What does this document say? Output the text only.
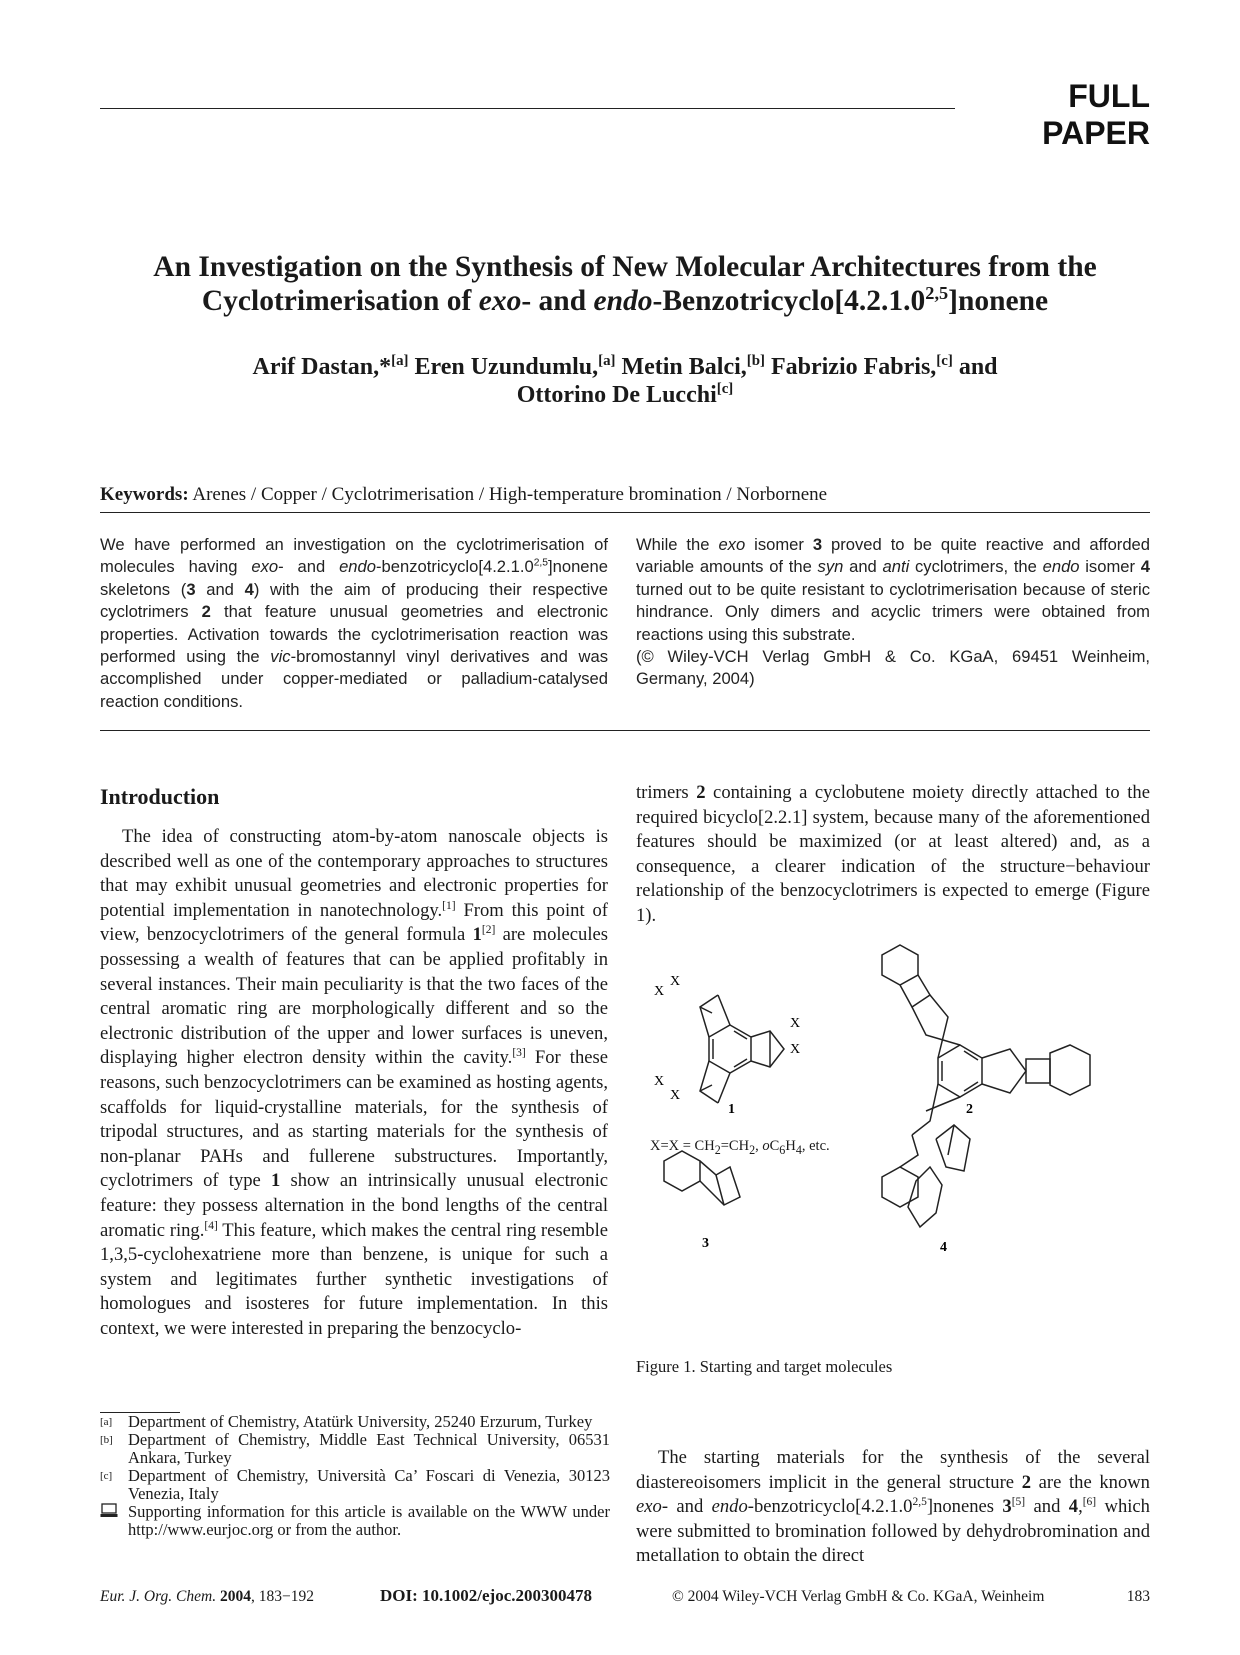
FULL PAPER
An Investigation on the Synthesis of New Molecular Architectures from the
Cyclotrimerisation of exo- and endo-Benzotricyclo[4.2.1.0$^{2,5}$]nonene
Arif Dastan,*[a] Eren Uzundumlu,[a] Metin Balci,[b] Fabrizio Fabris,[c] and
Ottorino De Lucchi[c]
Keywords: Arenes / Copper / Cyclotrimerisation / High-temperature bromination / Norbornene
We have performed an investigation on the cyclotrimerisation of molecules having exo- and endo-benzotricyclo[4.2.1.0$^{2,5}$]nonene skeletons (3 and 4) with the aim of producing their respective cyclotrimers 2 that feature unusual geometries and electronic properties. Activation towards the cyclotrimerisation reaction was performed using the vic-bromostannyl vinyl derivatives and was accomplished under copper-mediated or palladium-catalysed reaction conditions.
While the exo isomer 3 proved to be quite reactive and afforded variable amounts of the syn and anti cyclotrimers, the endo isomer 4 turned out to be quite resistant to cyclotrimerisation because of steric hindrance. Only dimers and acyclic trimers were obtained from reactions using this substrate.
(© Wiley-VCH Verlag GmbH & Co. KGaA, 69451 Weinheim, Germany, 2004)
Introduction

The idea of constructing atom-by-atom nanoscale objects is described well as one of the contemporary approaches to structures that may exhibit unusual geometries and electronic properties for potential implementation in nanotechnology.[1] From this point of view, benzocyclotrimers of the general formula 1[2] are molecules possessing a wealth of features that can be applied profitably in several instances. Their main peculiarity is that the two faces of the central aromatic ring are morphologically different and so the electronic distribution of the upper and lower surfaces is uneven, displaying higher electron density within the cavity.[3] For these reasons, such benzocyclotrimers can be examined as hosting agents, scaffolds for liquid-crystalline materials, for the synthesis of tripodal structures, and as starting materials for the synthesis of non-planar PAHs and fullerene substructures. Importantly, cyclotrimers of type 1 show an intrinsically unusual electronic feature: they possess alternation in the bond lengths of the central aromatic ring.[4] This feature, which makes the central ring resemble 1,3,5-cyclohexatriene more than benzene, is unique for such a system and legitimates further synthetic investigations of homologues and isosteres for future implementation. In this context, we were interested in preparing the benzocyclo-

trimers 2 containing a cyclobutene moiety directly attached to the required bicyclo[2.2.1] system, because many of the aforementioned features should be maximized (or at least altered) and, as a consequence, a clearer indication of the structure−behaviour relationship of the benzocyclotrimers is expected to emerge (Figure 1).

X
X
X
X
X
X
1	2
3	4
$X=X = CH_2=CH_2$, $oC_6H_4$, etc.
Figure 1. Starting and target molecules

The starting materials for the synthesis of the several diastereoisomers implicit in the general structure 2 are the known exo- and endo-benzotricyclo[4.2.1.0$^{2,5}$]nonenes 3[5] and 4,[6] which were submitted to bromination followed by dehydrobromination and metallation to obtain the direct

[a] Department of Chemistry, Atatürk University, 25240 Erzurum, Turkey
[b] Department of Chemistry, Middle East Technical University, 06531 Ankara, Turkey
[c] Department of Chemistry, Università Ca’ Foscari di Venezia, 30123 Venezia, Italy
Supporting information for this article is available on the WWW under http://www.eurjoc.org or from the author.
Eur. J. Org. Chem. 2004, 183−192	DOI: 10.1002/ejoc.200300478	© 2004 Wiley-VCH Verlag GmbH & Co. KGaA, Weinheim	183
